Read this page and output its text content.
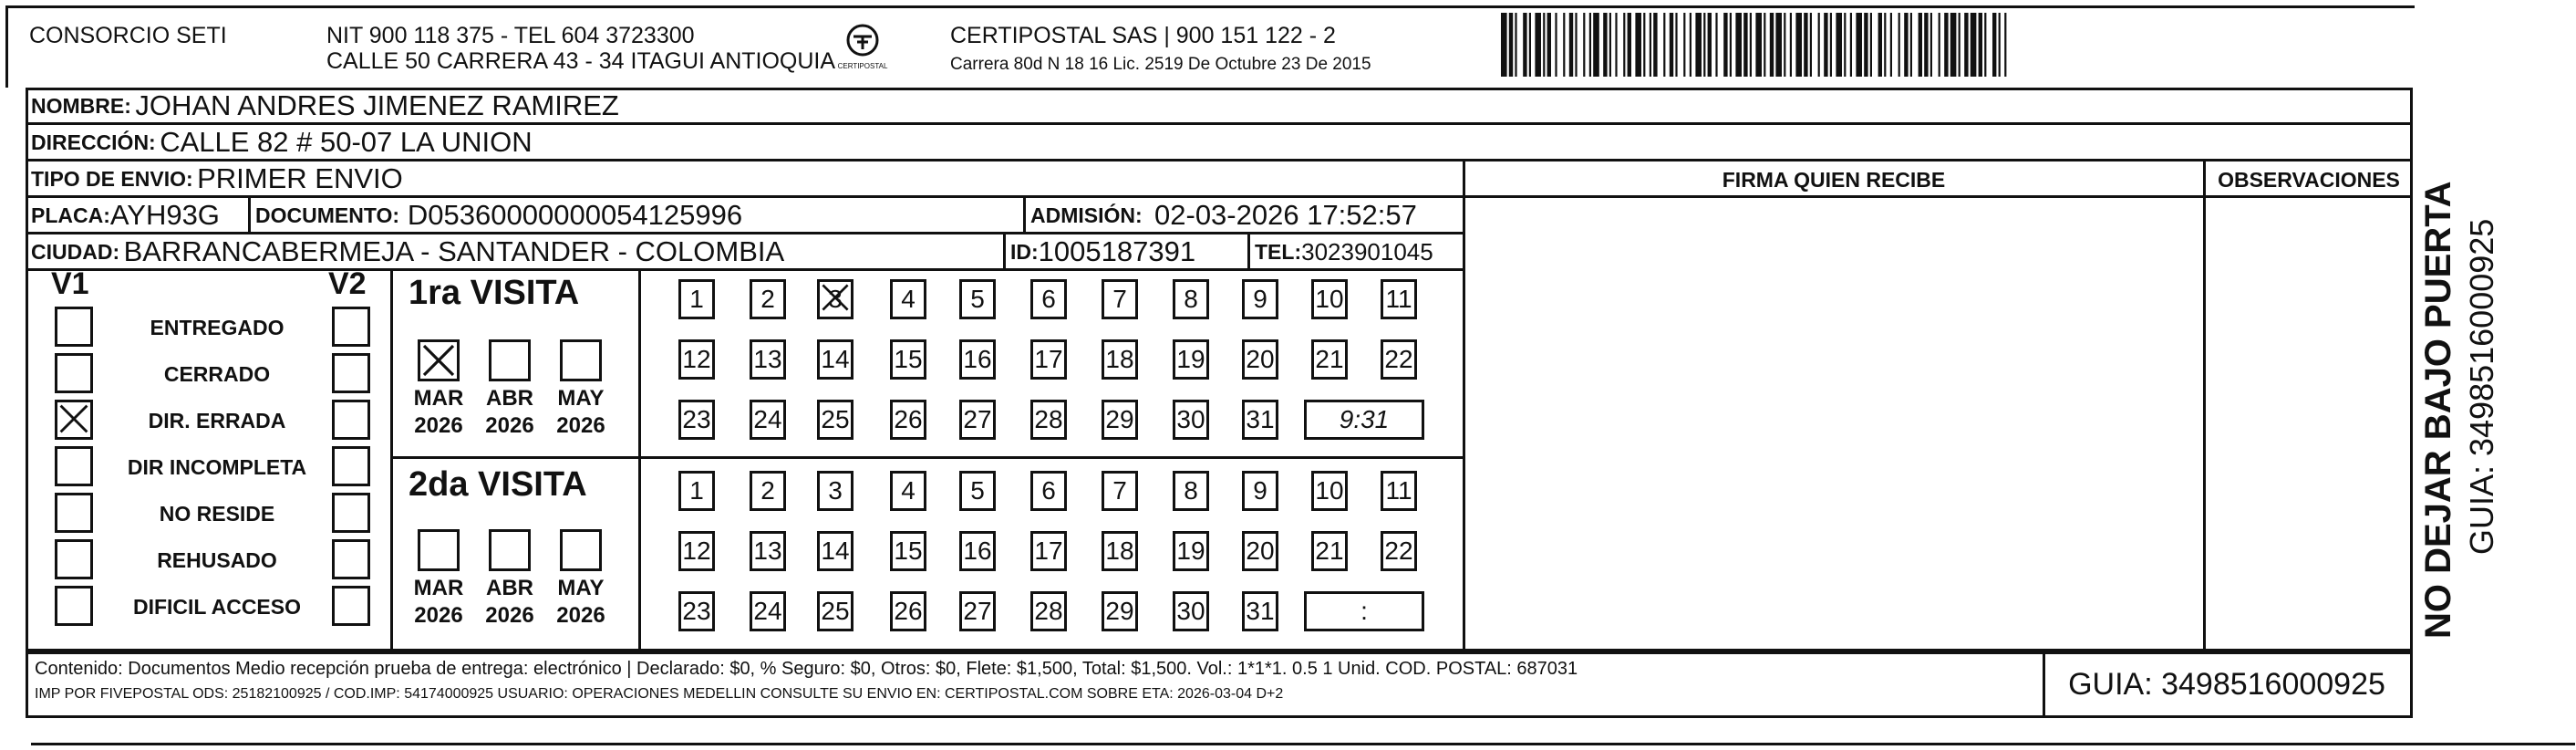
CONSORCIO SETI	NIT 900 118 375 - TEL 604 3723300
CALLE 50 CARRERA 43 - 34 ITAGUI ANTIOQUIA CERTIPOSTAL
CERTIPOSTAL SAS | 900 151 122 - 2
Carrera 80d N 18 16 Lic. 2519 De Octubre 23 De 2015
NOMBRE:
JOHAN ANDRES JIMENEZ RAMIREZ
DIRECCIÓN:
CALLE 82 # 50-07 LA UNION
TIPO DE ENVIO:
PRIMER ENVIO	FIRMA QUIEN RECIBE	OBSERVACIONES
PLACA: AYH93G DOCUMENTO:
D05360000000054125996	ADMISIÓN:
02-03-2026 17:52:57
CIUDAD:
BARRANCABERMEJA - SANTANDER - COLOMBIA	ID: 1005187391	TEL: 3023901045
V1	V2
ENTREGADO
CERRADO
DIR. ERRADA
DIR INCOMPLETA
NO RESIDE
REHUSADO
DIFICIL ACCESO
1ra VISITA
MAR
2026
ABR
2026
MAY
2026
1 2 3 4 5 6 7 8 9 10 11
12 13 14 15 16 17 18 19 20 21 22
23 24 25 26 27 28 29 30 31	9:31
2da VISITA
MAR
2026
ABR
2026
MAY
2026
1 2 3 4 5 6 7 8 9 10 11
12 13 14 15 16 17 18 19 20 21 22
23 24 25 26 27 28 29 30 31	:
Contenido: Documentos Medio recepción prueba de entrega: electrónico | Declarado: $0, % Seguro: $0, Otros: $0, Flete: $1,500, Total: $1,500. Vol.: 1*1*1. 0.5 1 Unid. COD. POSTAL: 687031
IMP POR FIVEPOSTAL ODS: 25182100925 / COD.IMP: 54174000925 USUARIO: OPERACIONES MEDELLIN CONSULTE SU ENVIO EN: CERTIPOSTAL.COM SOBRE ETA: 2026-03-04 D+2	GUIA: 3498516000925
NO DEJAR BAJO PUERTA GUIA: 3498516000925
